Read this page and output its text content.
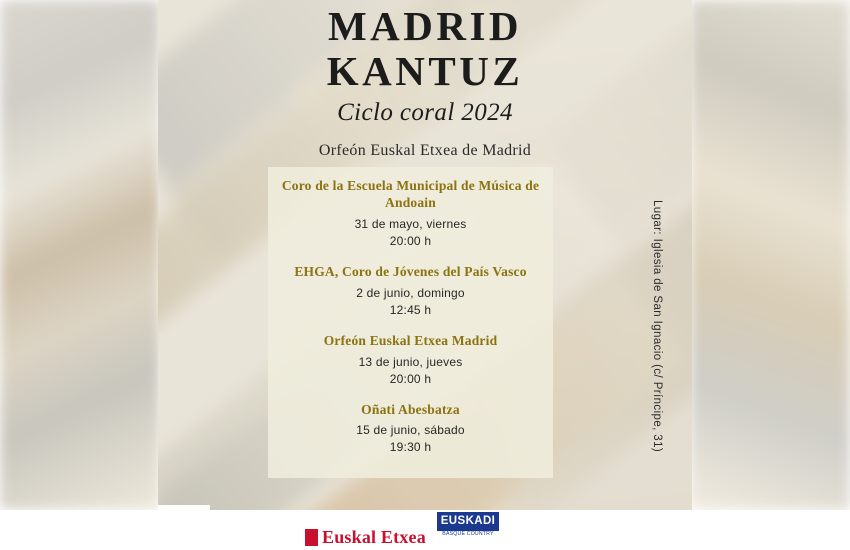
MADRID
KANTUZ
Ciclo coral 2024
Orfeón Euskal Etxea de Madrid
Coro de la Escuela Municipal de Música de Andoain
31 de mayo, viernes
20:00 h
EHGA, Coro de Jóvenes del País Vasco
2 de junio, domingo
12:45 h
Orfeón Euskal Etxea Madrid
13 de junio, jueves
20:00 h
Oñati Abesbatza
15 de junio, sábado
19:30 h	Lugar: Iglesia de San Ignacio (c/ Príncipe, 31)
Euskal Etxea
EUSKADI
BASQUE COUNTRY
